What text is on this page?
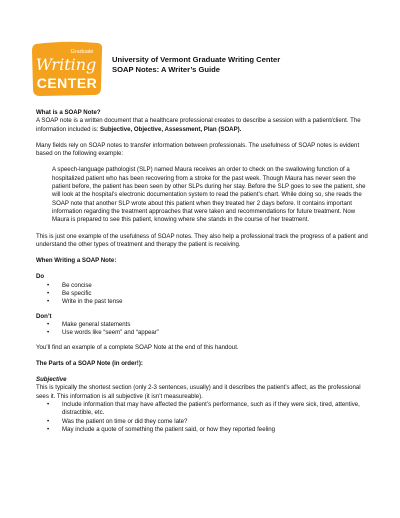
Graduate
Writing
CENTER
University of Vermont Graduate Writing Center
SOAP Notes: A Writer’s Guide
What is a SOAP Note?

A SOAP note is a written document that a healthcare professional creates to describe a session with a patient/client. The information included is: Subjective, Objective, Assessment, Plan (SOAP).

Many fields rely on SOAP notes to transfer information between professionals. The usefulness of SOAP notes is evident based on the following example:

A speech-language pathologist (SLP) named Maura receives an order to check on the swallowing function of a hospitalized patient who has been recovering from a stroke for the past week. Though Maura has never seen the patient before, the patient has been seen by other SLPs during her stay. Before the SLP goes to see the patient, she will look at the hospital’s electronic documentation system to read the patient’s chart. While doing so, she reads the SOAP note that another SLP wrote about this patient when they treated her 2 days before. It contains important information regarding the treatment approaches that were taken and recommendations for future treatment. Now Maura is prepared to see this patient, knowing where she stands in the course of her treatment.

This is just one example of the usefulness of SOAP notes. They also help a professional track the progress of a patient and understand the other types of treatment and therapy the patient is receiving.

When Writing a SOAP Note:
Do
• Be concise
• Be specific
• Write in the past tense
Don’t
• Make general statements
• Use words like “seem” and “appear”

You’ll find an example of a complete SOAP Note at the end of this handout.

The Parts of a SOAP Note (in order!):
Subjective

This is typically the shortest section (only 2-3 sentences, usually) and it describes the patient’s affect, as the professional sees it. This information is all subjective (it isn’t measureable).

• Include information that may have affected the patient’s performance, such as if they were sick, tired, attentive, distractible, etc.
• Was the patient on time or did they come late?
• May include a quote of something the patient said, or how they reported feeling
